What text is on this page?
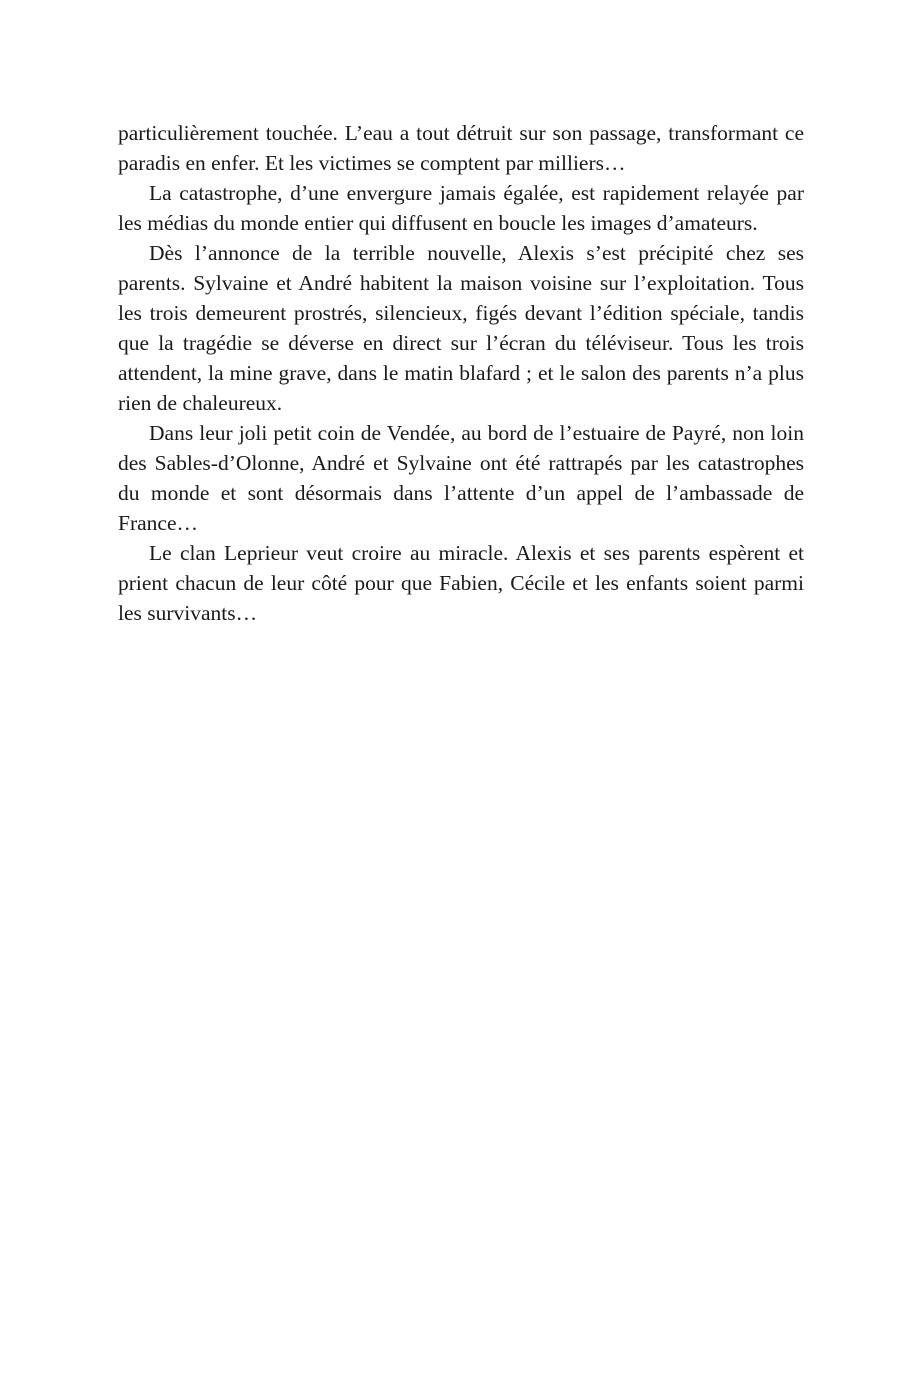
particulièrement touchée. L’eau a tout détruit sur son passage, transformant ce paradis en enfer. Et les victimes se comptent par milliers…

La catastrophe, d’une envergure jamais égalée, est rapidement relayée par les médias du monde entier qui diffusent en boucle les images d’amateurs.

Dès l’annonce de la terrible nouvelle, Alexis s’est précipité chez ses parents. Sylvaine et André habitent la maison voisine sur l’exploitation. Tous les trois demeurent prostrés, silencieux, figés devant l’édition spéciale, tandis que la tragédie se déverse en direct sur l’écran du téléviseur. Tous les trois attendent, la mine grave, dans le matin blafard ; et le salon des parents n’a plus rien de chaleureux.

Dans leur joli petit coin de Vendée, au bord de l’estuaire de Payré, non loin des Sables-d’Olonne, André et Sylvaine ont été rattrapés par les catastrophes du monde et sont désormais dans l’attente d’un appel de l’ambassade de France…

Le clan Leprieur veut croire au miracle. Alexis et ses parents espèrent et prient chacun de leur côté pour que Fabien, Cécile et les enfants soient parmi les survivants…
